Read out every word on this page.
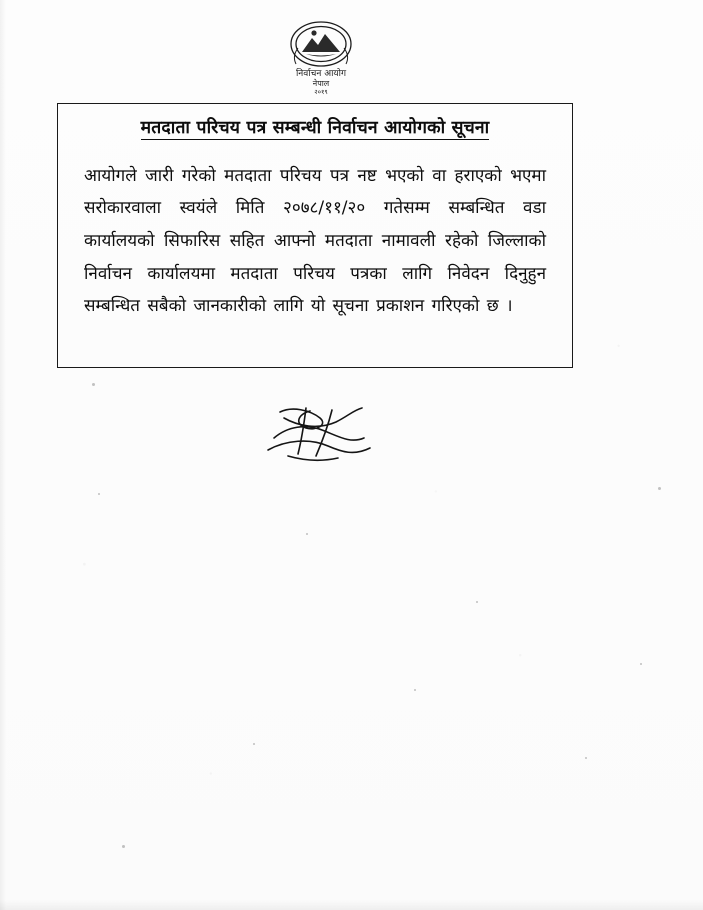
निर्वाचन आयोग
नेपाल
२०१९
मतदाता परिचय पत्र सम्बन्धी निर्वाचन आयोगको सूचना
आयोगले जारी गरेको मतदाता परिचय पत्र नष्ट भएको वा हराएको भएमा सरोकारवाला स्वयंले मिति २०७८/११/२० गतेसम्म सम्बन्धित वडा कार्यालयको सिफारिस सहित आफ्नो मतदाता नामावली रहेको जिल्लाको निर्वाचन कार्यालयमा मतदाता परिचय पत्रका लागि निवेदन दिनुहुन सम्बन्धित सबैको जानकारीको लागि यो सूचना प्रकाशन गरिएको छ ।
